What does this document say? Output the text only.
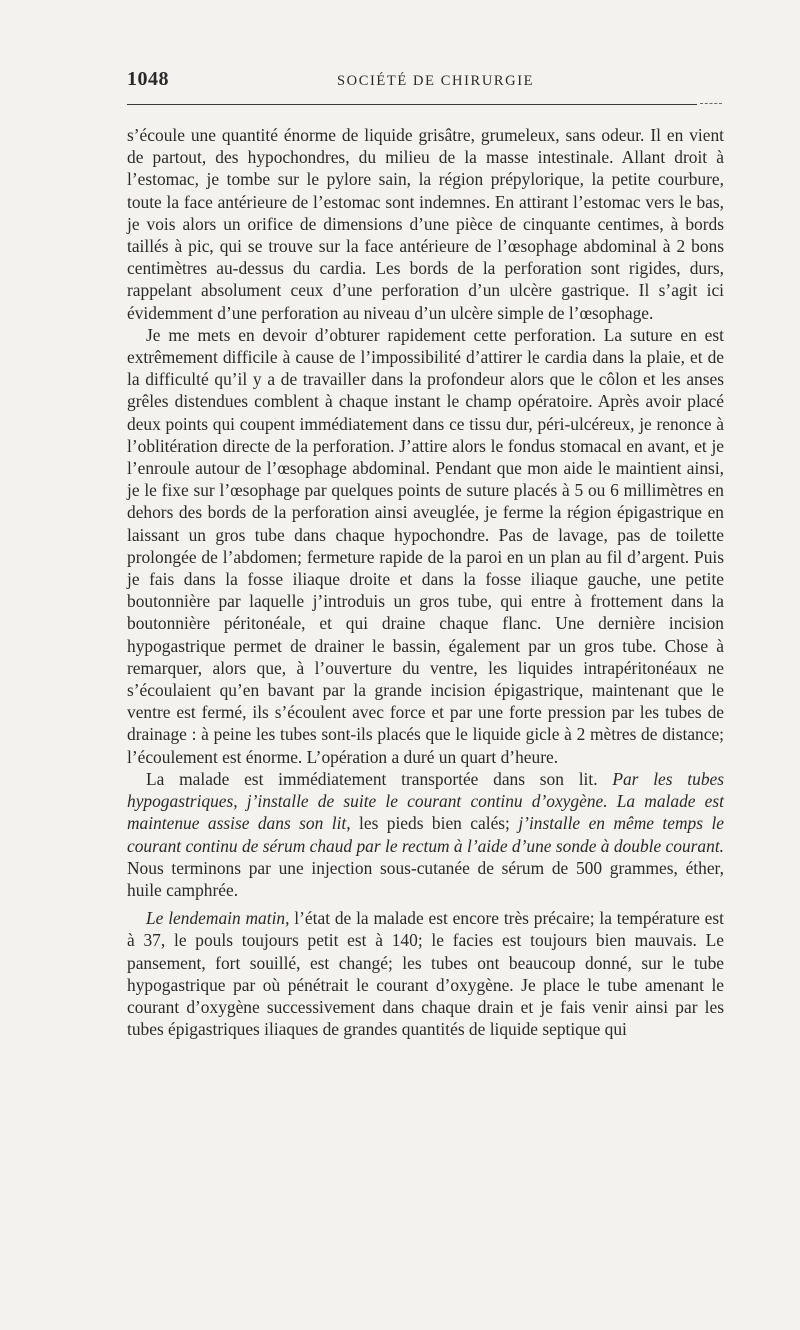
1048	SOCIÉTÉ DE CHIRURGIE

s’écoule une quantité énorme de liquide grisâtre, grumeleux, sans odeur. Il en vient de partout, des hypochondres, du milieu de la masse intestinale. Allant droit à l’estomac, je tombe sur le pylore sain, la région prépylorique, la petite courbure, toute la face antérieure de l’estomac sont indemnes. En attirant l’estomac vers le bas, je vois alors un orifice de dimensions d’une pièce de cinquante centimes, à bords taillés à pic, qui se trouve sur la face antérieure de l’œsophage abdominal à 2 bons centimètres au-dessus du cardia. Les bords de la perforation sont rigides, durs, rappelant absolument ceux d’une perforation d’un ulcère gastrique. Il s’agit ici évidemment d’une perforation au niveau d’un ulcère simple de l’œsophage.

Je me mets en devoir d’obturer rapidement cette perforation. La suture en est extrêmement difficile à cause de l’impossibilité d’attirer le cardia dans la plaie, et de la difficulté qu’il y a de travailler dans la profondeur alors que le côlon et les anses grêles distendues comblent à chaque instant le champ opératoire. Après avoir placé deux points qui coupent immédiatement dans ce tissu dur, péri-ulcéreux, je renonce à l’oblitération directe de la perforation. J’attire alors le fondus stomacal en avant, et je l’enroule autour de l’œsophage abdominal. Pendant que mon aide le maintient ainsi, je le fixe sur l’œsophage par quelques points de suture placés à 5 ou 6 millimètres en dehors des bords de la perforation ainsi aveuglée, je ferme la région épigastrique en laissant un gros tube dans chaque hypochondre. Pas de lavage, pas de toilette prolongée de l’abdomen; fermeture rapide de la paroi en un plan au fil d’argent. Puis je fais dans la fosse iliaque droite et dans la fosse iliaque gauche, une petite boutonnière par laquelle j’introduis un gros tube, qui entre à frottement dans la boutonnière péritonéale, et qui draine chaque flanc. Une dernière incision hypogastrique permet de drainer le bassin, également par un gros tube. Chose à remarquer, alors que, à l’ouverture du ventre, les liquides intrapéritonéaux ne s’écoulaient qu’en bavant par la grande incision épigastrique, maintenant que le ventre est fermé, ils s’écoulent avec force et par une forte pression par les tubes de drainage : à peine les tubes sont-ils placés que le liquide gicle à 2 mètres de distance; l’écoulement est énorme. L’opération a duré un quart d’heure.

La malade est immédiatement transportée dans son lit. Par les tubes hypogastriques, j’installe de suite le courant continu d’oxygène. La malade est maintenue assise dans son lit, les pieds bien calés; j’installe en même temps le courant continu de sérum chaud par le rectum à l’aide d’une sonde à double courant. Nous terminons par une injection sous-cutanée de sérum de 500 grammes, éther, huile camphrée.

Le lendemain matin, l’état de la malade est encore très précaire; la température est à 37, le pouls toujours petit est à 140; le facies est toujours bien mauvais. Le pansement, fort souillé, est changé; les tubes ont beaucoup donné, sur le tube hypogastrique par où pénétrait le courant d’oxygène. Je place le tube amenant le courant d’oxygène successivement dans chaque drain et je fais venir ainsi par les tubes épigastriques iliaques de grandes quantités de liquide septique qui
